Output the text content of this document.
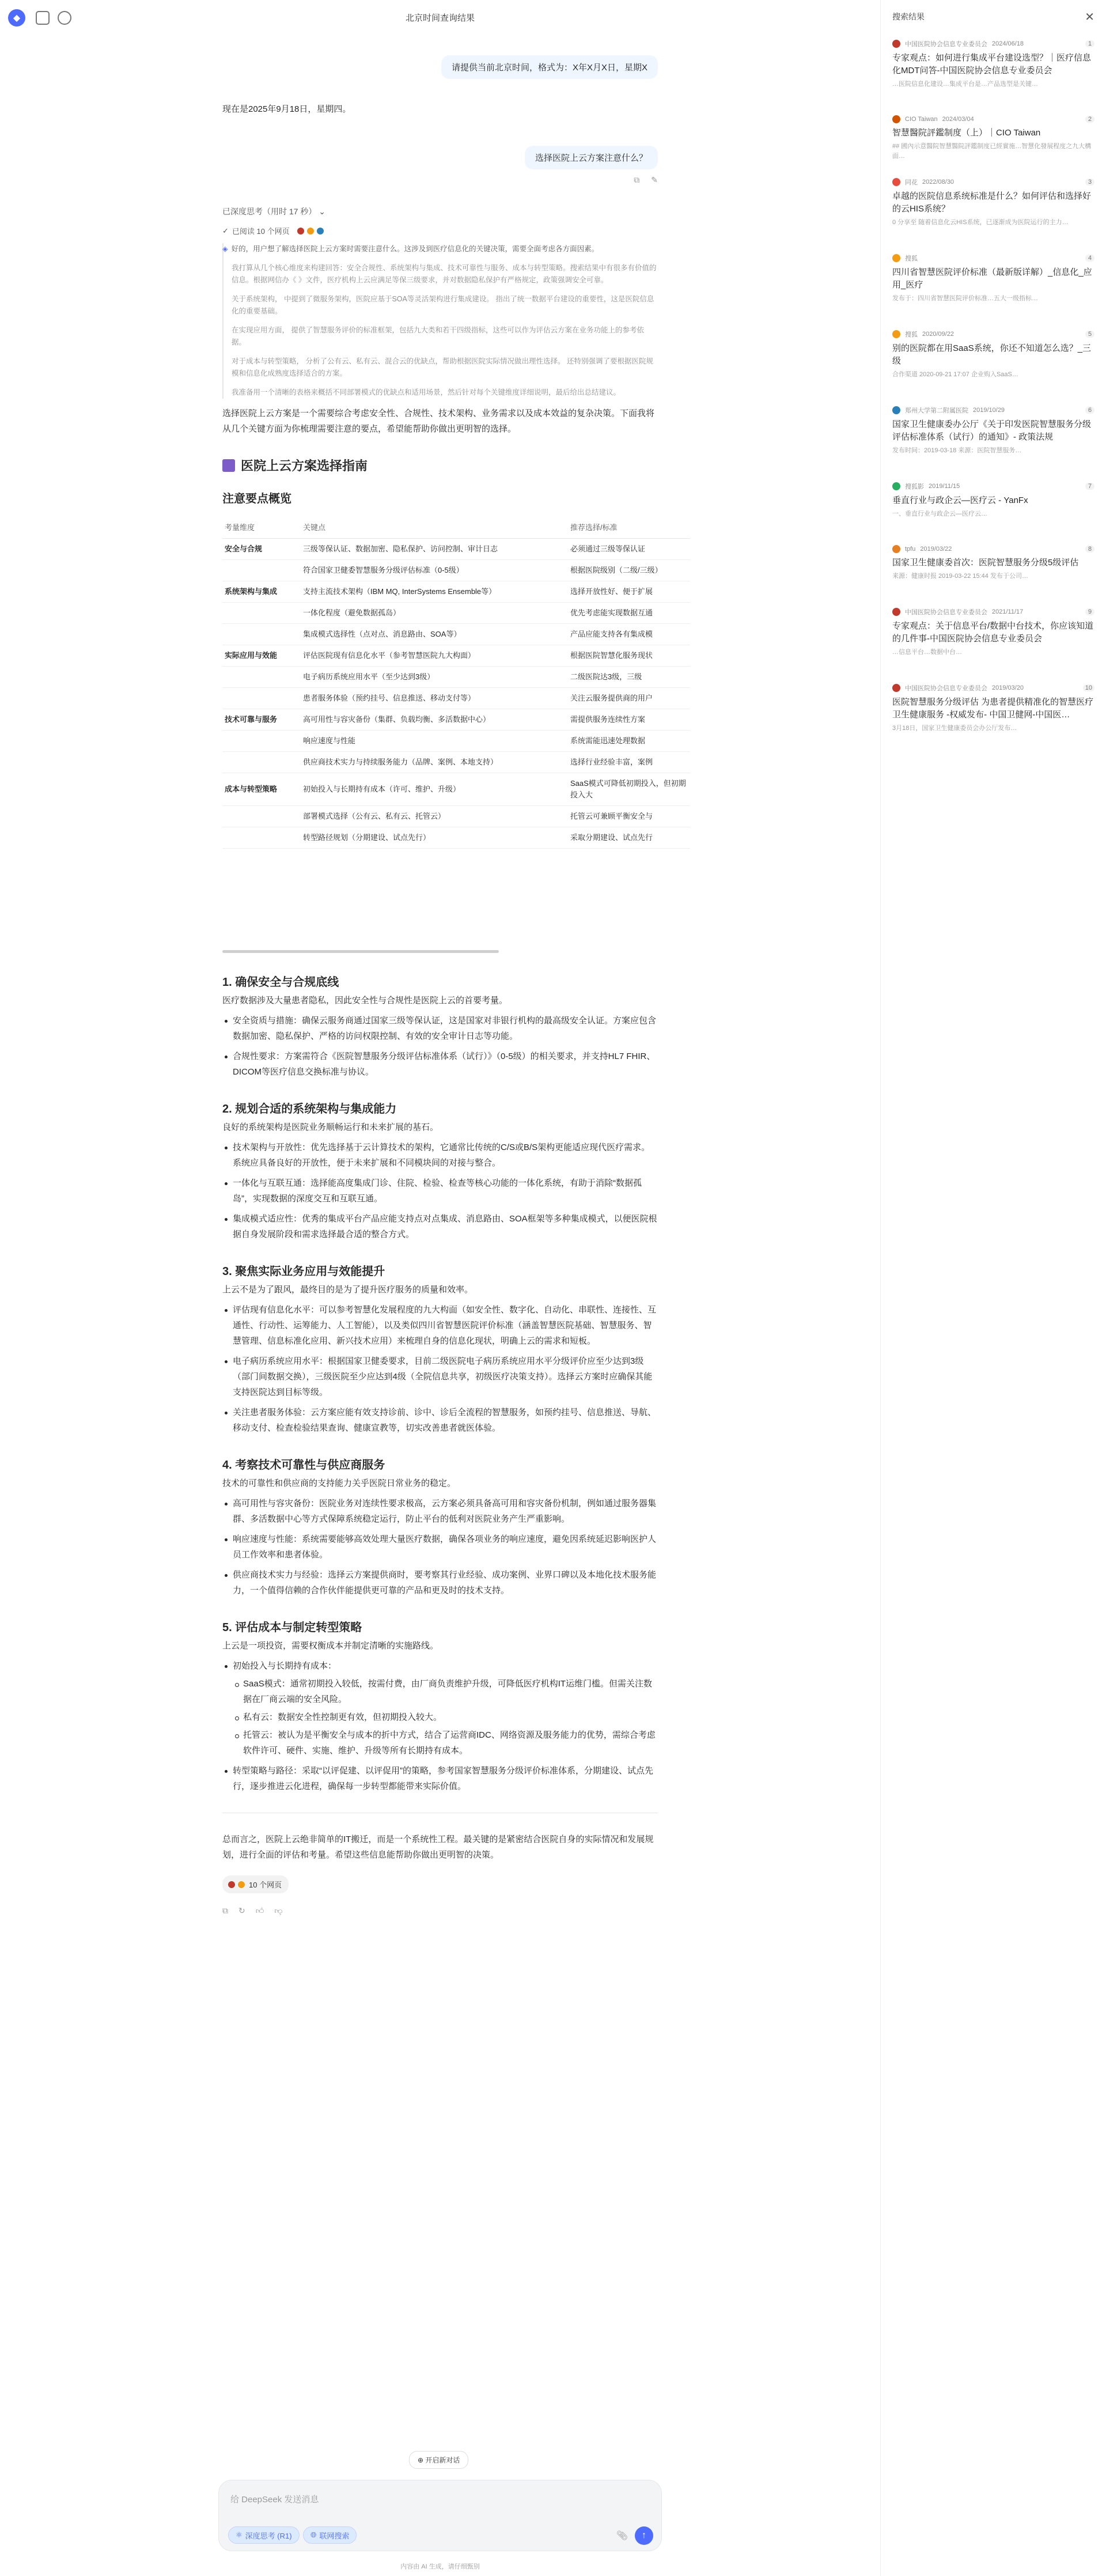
◆	北京时间查询结果
请提供当前北京时间，格式为：X年X月X日，星期X
现在是2025年9月18日，星期四。
选择医院上云方案注意什么？
⧉ ✎
已深度思考（用时 17 秒） ⌄
✓ 已阅读 10 个网页

◈ 好的，用户想了解选择医院上云方案时需要注意什么。这涉及到医疗信息化的关键决策，需要全面考虑各方面因素。

我打算从几个核心维度来构建回答：安全合规性、系统架构与集成、技术可靠性与服务、成本与转型策略。搜索结果中有很多有价值的信息。根据网信办《 》文件，医疗机构上云应满足等保三级要求，并对数据隐私保护有严格规定，政策强调安全可靠。

关于系统架构， 中提到了微服务架构，医院应基于SOA等灵活架构进行集成建设。 指出了统一数据平台建设的重要性，这是医院信息化的重要基础。

在实现应用方面， 提供了智慧服务评价的标准框架，包括九大类和若干四级指标，这些可以作为评估云方案在业务功能上的参考依据。

对于成本与转型策略， 分析了公有云、私有云、混合云的优缺点，帮助根据医院实际情况做出理性选择。 还特别强调了要根据医院规模和信息化成熟度选择适合的方案。

我准备用一个清晰的表格来概括不同部署模式的优缺点和适用场景，然后针对每个关键维度详细说明，最后给出总结建议。

选择医院上云方案是一个需要综合考虑安全性、合规性、技术架构、业务需求以及成本效益的复杂决策。下面我将从几个关键方面为你梳理需要注意的要点，希望能帮助你做出更明智的选择。
医院上云方案选择指南
注意要点概览
考量维度	关键点	推荐选择/标准
安全与合规	三级等保认证、数据加密、隐私保护、访问控制、审计日志	必须通过三级等保认证
	符合国家卫健委智慧服务分级评估标准（0-5级）	根据医院级别（二级/三级）
系统架构与集成	支持主流技术架构（IBM MQ, InterSystems Ensemble等）	选择开放性好、便于扩展
	一体化程度（避免数据孤岛）	优先考虑能实现数据互通
	集成模式选择性（点对点、消息路由、SOA等）	产品应能支持各有集成模
实际应用与效能	评估医院现有信息化水平（参考智慧医院九大构面）	根据医院智慧化服务现状
	电子病历系统应用水平（至少达到3级）	二级医院达3级，三级
	患者服务体验（预约挂号、信息推送、移动支付等）	关注云服务提供商的用户
技术可靠与服务	高可用性与容灾备份（集群、负载均衡、多活数据中心）	需提供服务连续性方案
	响应速度与性能	系统需能迅速处理数据
	供应商技术实力与持续服务能力（品牌、案例、本地支持）	选择行业经验丰富，案例
成本与转型策略	初始投入与长期持有成本（许可、维护、升级）	SaaS模式可降低初期投入，但初期投入大
	部署模式选择（公有云、私有云、托管云）	托管云可兼顾平衡安全与
	转型路径规划（分期建设、试点先行）	采取分期建设、试点先行
1. 确保安全与合规底线
医疗数据涉及大量患者隐私，因此安全性与合规性是医院上云的首要考量。
安全资质与措施：确保云服务商通过国家三级等保认证，这是国家对非银行机构的最高级安全认证。方案应包含数据加密、隐私保护、严格的访问权限控制、有效的安全审计日志等功能。
合规性要求：方案需符合《医院智慧服务分级评估标准体系（试行）》（0-5级）的相关要求，并支持HL7 FHIR、DICOM等医疗信息交换标准与协议。
2. 规划合适的系统架构与集成能力
良好的系统架构是医院业务顺畅运行和未来扩展的基石。
技术架构与开放性：优先选择基于云计算技术的架构，它通常比传统的C/S或B/S架构更能适应现代医疗需求。系统应具备良好的开放性，便于未来扩展和不同模块间的对接与整合。
一体化与互联互通：选择能高度集成门诊、住院、检验、检查等核心功能的一体化系统，有助于消除“数据孤岛”，实现数据的深度交互和互联互通。
集成模式适应性：优秀的集成平台产品应能支持点对点集成、消息路由、SOA框架等多种集成模式，以便医院根据自身发展阶段和需求选择最合适的整合方式。
3. 聚焦实际业务应用与效能提升
上云不是为了跟风，最终目的是为了提升医疗服务的质量和效率。
评估现有信息化水平：可以参考智慧化发展程度的九大构面（如安全性、数字化、自动化、串联性、连接性、互通性、行动性、运筹能力、人工智能），以及类似四川省智慧医院评价标准（涵盖智慧医院基础、智慧服务、智慧管理、信息标准化应用、新兴技术应用）来梳理自身的信息化现状，明确上云的需求和短板。
电子病历系统应用水平：根据国家卫健委要求，目前二级医院电子病历系统应用水平分级评价应至少达到3级（部门间数据交换），三级医院至少应达到4级（全院信息共享，初级医疗决策支持）。选择云方案时应确保其能支持医院达到目标等级。
关注患者服务体验：云方案应能有效支持诊前、诊中、诊后全流程的智慧服务，如预约挂号、信息推送、导航、移动支付、检查检验结果查询、健康宣教等，切实改善患者就医体验。
4. 考察技术可靠性与供应商服务
技术的可靠性和供应商的支持能力关乎医院日常业务的稳定。
高可用性与容灾备份：医院业务对连续性要求极高，云方案必须具备高可用和容灾备份机制，例如通过服务器集群、多活数据中心等方式保障系统稳定运行，防止平台的低利对医院业务产生严重影响。
响应速度与性能：系统需要能够高效处理大量医疗数据，确保各项业务的响应速度，避免因系统延迟影响医护人员工作效率和患者体验。
供应商技术实力与经验：选择云方案提供商时，要考察其行业经验、成功案例、业界口碑以及本地化技术服务能力，一个值得信赖的合作伙伴能提供更可靠的产品和更及时的技术支持。
5. 评估成本与制定转型策略
上云是一项投资，需要权衡成本并制定清晰的实施路线。
初始投入与长期持有成本：
SaaS模式：通常初期投入较低，按需付费，由厂商负责维护升级，可降低医疗机构IT运维门槛。但需关注数据在厂商云端的安全风险。
私有云：数据安全性控制更有效，但初期投入较大。
托管云：被认为是平衡安全与成本的折中方式，结合了运营商IDC、网络资源及服务能力的优势，需综合考虑软件许可、硬件、实施、维护、升级等所有长期持有成本。
转型策略与路径：采取“以评促建、以评促用”的策略，参考国家智慧服务分级评价标准体系，分期建设、试点先行，逐步推进云化进程，确保每一步转型都能带来实际价值。
总而言之，医院上云绝非简单的IT搬迁，而是一个系统性工程。最关键的是紧密结合医院自身的实际情况和发展规划，进行全面的评估和考量。希望这些信息能帮助你做出更明智的决策。
10 个网页
⧉ ↻ 👍︎ 👎︎
⊕ 开启新对话
给 DeepSeek 发送消息
⚛ 深度思考 (R1) 🌐︎ 联网搜索	📎︎	↑
内容由 AI 生成，请仔细甄别
搜索结果	✕
中国医院协会信息专业委员会 2024/06/18	1
专家观点：如何进行集成平台建设选型？｜医疗信息化MDT问答-中国医院协会信息专业委员会
…医院信息化建设…集成平台是…产品选型是关键…
CIO Taiwan 2024/03/04	2
智慧醫院評鑑制度（上）｜CIO Taiwan
## 國內示意醫院智慧醫院評鑑制度已經實施…智慧化發展程度之九大構面…
同花 2022/08/30	3
卓越的医院信息系统标准是什么？如何评估和选择好的云HIS系统？
0 分享至 随着信息化云HIS系统，已逐渐成为医院运行的主力…
搜狐	4
四川省智慧医院评价标准（最新版详解）_信息化_应用_医疗
发布于：四川省智慧医院评价标准…五大一级指标…
搜狐 2020/09/22	5
别的医院都在用SaaS系统，你还不知道怎么选？_三级
合作渠道 2020-09-21 17:07 企业购入SaaS…
郑州大学第二附属医院 2019/10/29	6
国家卫生健康委办公厅《关于印发医院智慧服务分级评估标准体系（试行）的通知》- 政策法规
发布时间：2019-03-18 来源：医院智慧服务…
搜狐影 2019/11/15	7
垂直行业与政企云—医疗云 - YanFx
一、垂直行业与政企云—医疗云…
tpfu 2019/03/22	8
国家卫生健康委首次：医院智慧服务分级5级评估
来源：健康时报 2019-03-22 15:44 发布于公司…
中国医院协会信息专业委员会 2021/11/17	9
专家观点：关于信息平台/数据中台技术，你应该知道的几件事-中国医院协会信息专业委员会
…信息平台…数据中台…
中国医院协会信息专业委员会 2019/03/20	10
医院智慧服务分级评估 为患者提供精准化的智慧医疗卫生健康服务 -权威发布- 中国卫健网-中国医…
3月18日，国家卫生健康委员会办公厅发布…
